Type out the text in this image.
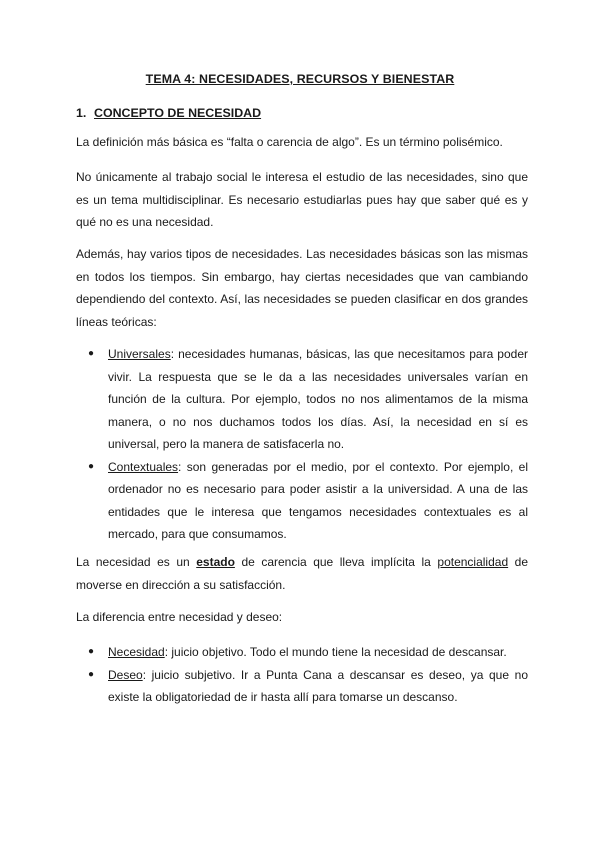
TEMA 4: NECESIDADES, RECURSOS Y BIENESTAR
1. CONCEPTO DE NECESIDAD

La definición más básica es “falta o carencia de algo”. Es un término polisémico.

No únicamente al trabajo social le interesa el estudio de las necesidades, sino que es un tema multidisciplinar. Es necesario estudiarlas pues hay que saber qué es y qué no es una necesidad.

Además, hay varios tipos de necesidades. Las necesidades básicas son las mismas en todos los tiempos. Sin embargo, hay ciertas necesidades que van cambiando dependiendo del contexto. Así, las necesidades se pueden clasificar en dos grandes líneas teóricas:

● Universales: necesidades humanas, básicas, las que necesitamos para poder vivir. La respuesta que se le da a las necesidades universales varían en función de la cultura. Por ejemplo, todos no nos alimentamos de la misma manera, o no nos duchamos todos los días. Así, la necesidad en sí es universal, pero la manera de satisfacerla no.
● Contextuales: son generadas por el medio, por el contexto. Por ejemplo, el ordenador no es necesario para poder asistir a la universidad. A una de las entidades que le interesa que tengamos necesidades contextuales es al mercado, para que consumamos.

La necesidad es un estado de carencia que lleva implícita la potencialidad de moverse en dirección a su satisfacción.

La diferencia entre necesidad y deseo:

● Necesidad: juicio objetivo. Todo el mundo tiene la necesidad de descansar.
● Deseo: juicio subjetivo. Ir a Punta Cana a descansar es deseo, ya que no existe la obligatoriedad de ir hasta allí para tomarse un descanso.
